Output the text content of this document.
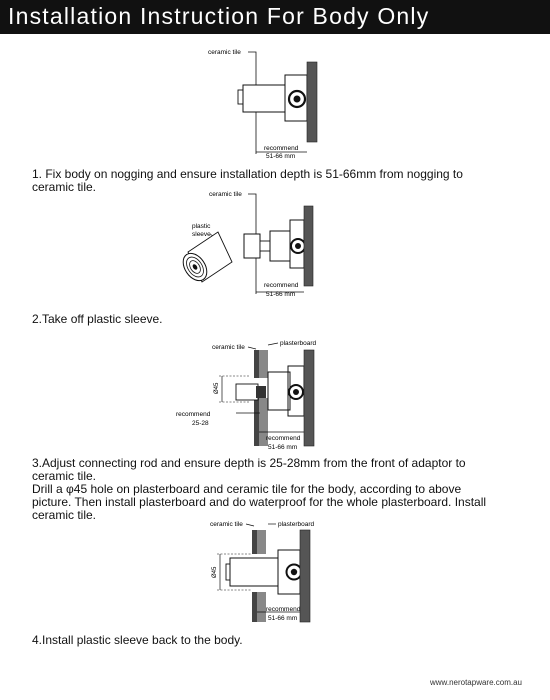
Installation Instruction For Body Only
ceramic tile
recommend
51-66 mm

1. Fix body on nogging and ensure installation depth is 51-66mm from nogging to

ceramic tile.

ceramic tile
plastic
sleeve
recommend
51-66 mm

2.Take off plastic sleeve.

ceramic tile
plasterboard
Ø45
recommend
25-28
recommend
51-66 mm

3.Adjust connecting rod and ensure depth is 25-28mm from the front of adaptor to

ceramic tile.

Drill a φ45 hole on plasterboard and ceramic tile for the body, according to above

picture. Then install plasterboard and do waterproof for the whole plasterboard. Install

ceramic tile.

ceramic tile	plasterboard
Ø45
recommend
51-66 mm

4.Install plastic sleeve back to the body.

www.nerotapware.com.au
